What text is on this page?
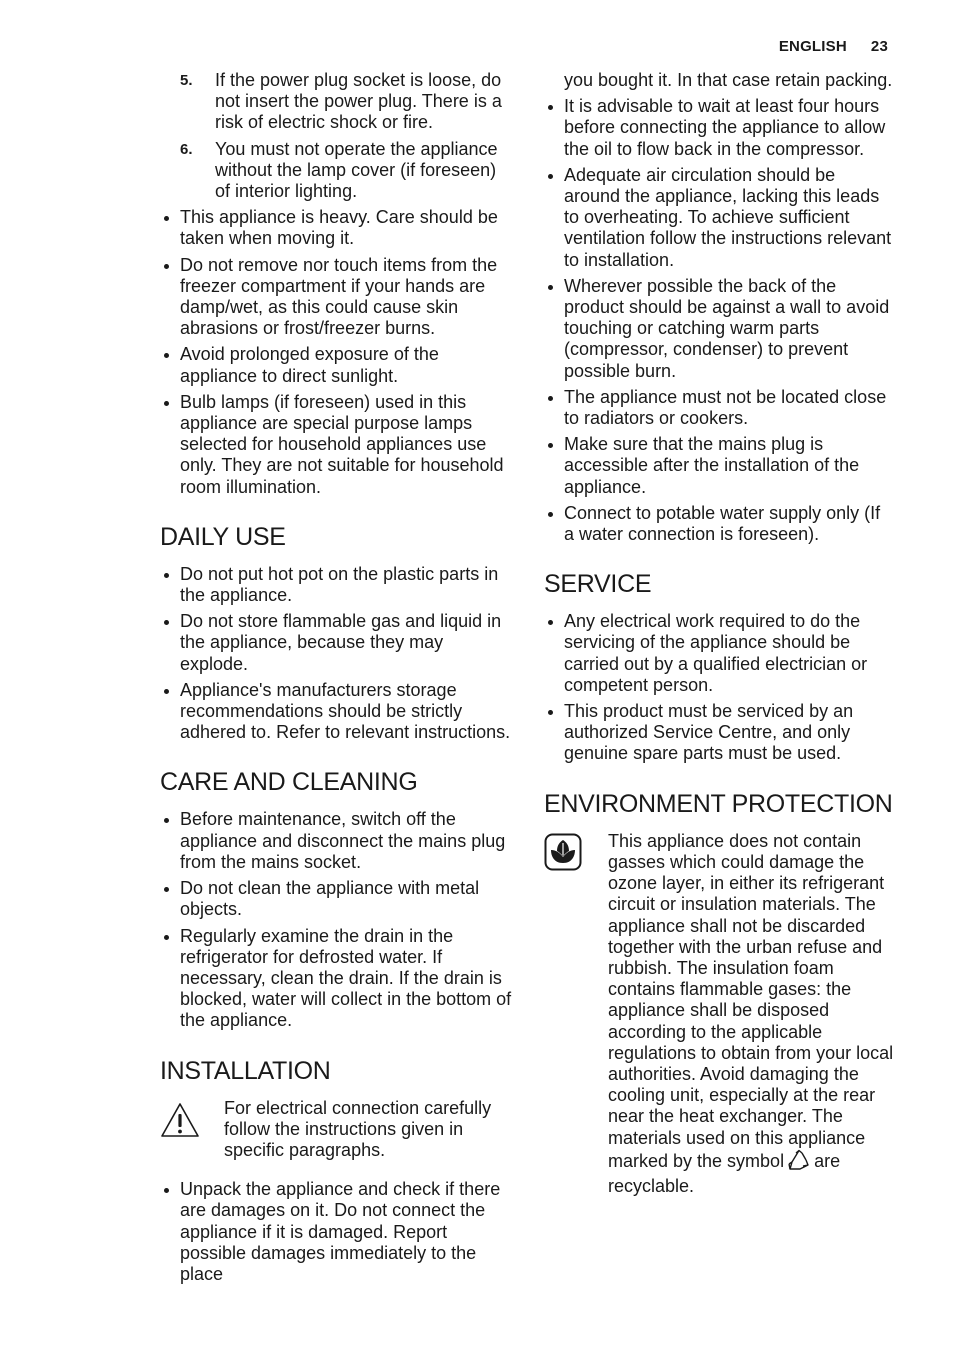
ENGLISH 23
5. If the power plug socket is loose, do not insert the power plug. There is a risk of electric shock or fire.
6. You must not operate the appliance without the lamp cover (if foreseen) of interior lighting.
This appliance is heavy. Care should be taken when moving it.
Do not remove nor touch items from the freezer compartment if your hands are damp/wet, as this could cause skin abrasions or frost/freezer burns.
Avoid prolonged exposure of the appliance to direct sunlight.
Bulb lamps (if foreseen) used in this appliance are special purpose lamps selected for household appliances use only. They are not suitable for household room illumination.
DAILY USE
Do not put hot pot on the plastic parts in the appliance.
Do not store flammable gas and liquid in the appliance, because they may explode.
Appliance's manufacturers storage recommendations should be strictly adhered to. Refer to relevant instructions.
CARE AND CLEANING
Before maintenance, switch off the appliance and disconnect the mains plug from the mains socket.
Do not clean the appliance with metal objects.
Regularly examine the drain in the refrigerator for defrosted water. If necessary, clean the drain. If the drain is blocked, water will collect in the bottom of the appliance.
INSTALLATION

For electrical connection carefully follow the instructions given in specific paragraphs.

Unpack the appliance and check if there are damages on it. Do not connect the appliance if it is damaged. Report possible damages immediately to the place

you bought it. In that case retain packing.

It is advisable to wait at least four hours before connecting the appliance to allow the oil to flow back in the compressor.
Adequate air circulation should be around the appliance, lacking this leads to overheating. To achieve sufficient ventilation follow the instructions relevant to installation.
Wherever possible the back of the product should be against a wall to avoid touching or catching warm parts (compressor, condenser) to prevent possible burn.
The appliance must not be located close to radiators or cookers.
Make sure that the mains plug is accessible after the installation of the appliance.
Connect to potable water supply only (If a water connection is foreseen).
SERVICE
Any electrical work required to do the servicing of the appliance should be carried out by a qualified electrician or competent person.
This product must be serviced by an authorized Service Centre, and only genuine spare parts must be used.
ENVIRONMENT PROTECTION

This appliance does not contain gasses which could damage the ozone layer, in either its refrigerant circuit or insulation materials. The appliance shall not be discarded together with the urban refuse and rubbish. The insulation foam contains flammable gases: the appliance shall be disposed according to the applicable regulations to obtain from your local authorities. Avoid damaging the cooling unit, especially at the rear near the heat exchanger. The materials used on this appliance marked by the symbol are recyclable.
